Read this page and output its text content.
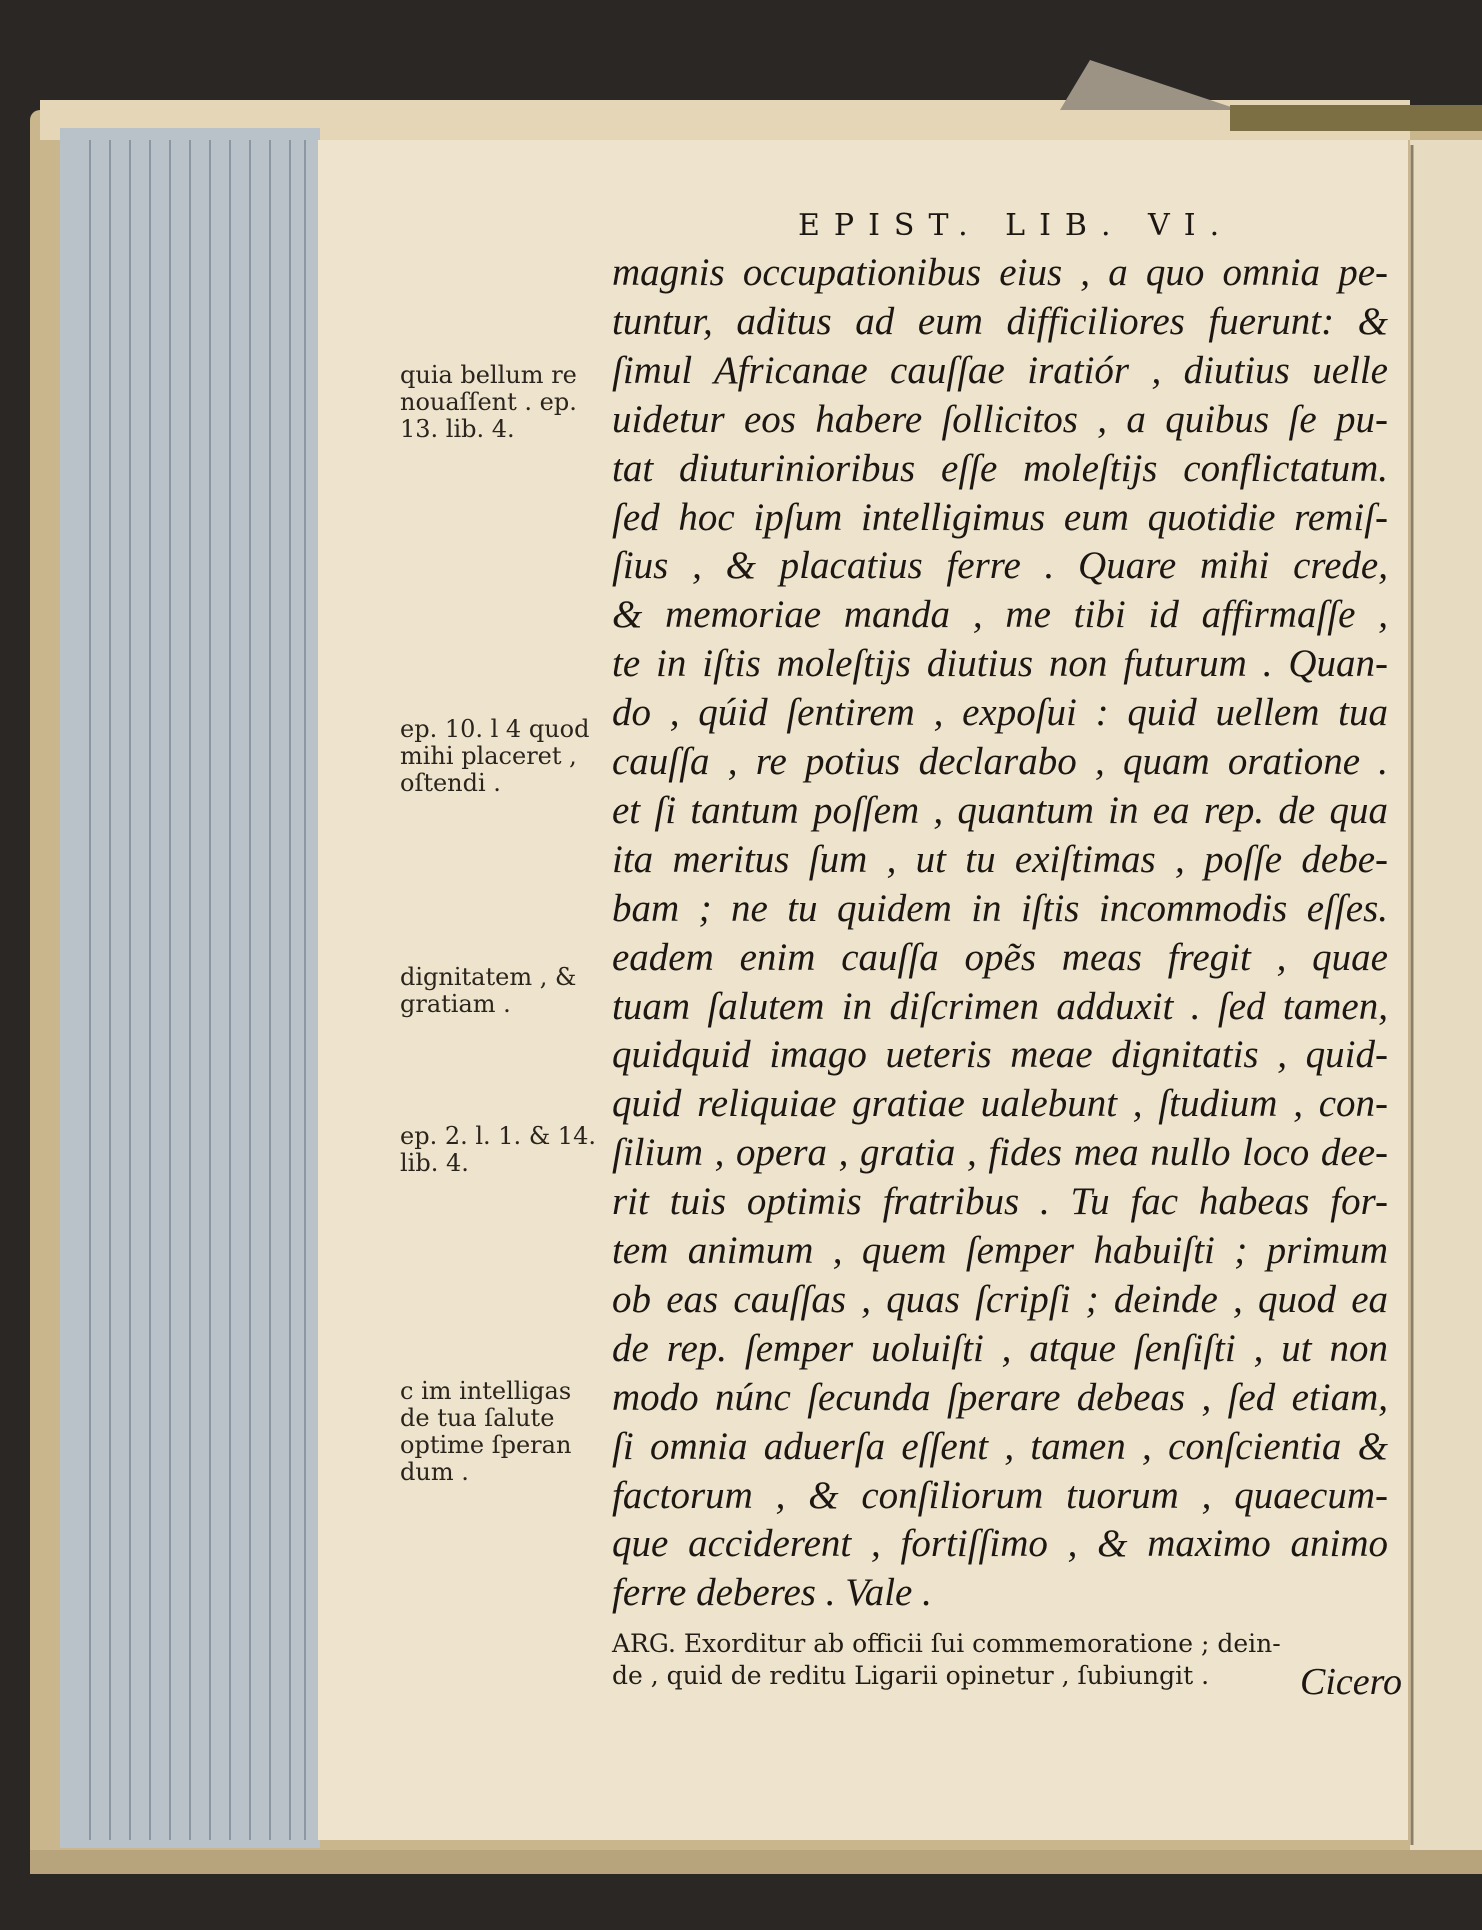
EPIST. LIB. VI.
magnis occupationibus eius , a quo omnia pe-
tuntur, aditus ad eum difficiliores fuerunt: &
ſimul Africanae cauſſae iratiór , diutius uelle
uidetur eos habere ſollicitos , a quibus ſe pu-
tat diuturinioribus eſſe moleſtijs conflictatum.
ſed hoc ipſum intelligimus eum quotidie remiſ-
ſius , & placatius ferre . Quare mihi crede,
& memoriae manda , me tibi id affirmaſſe ,
te in iſtis moleſtijs diutius non futurum . Quan-
do , qúid ſentirem , expoſui : quid uellem tua
cauſſa , re potius declarabo , quam oratione .
et ſi tantum poſſem , quantum in ea rep. de qua
ita meritus ſum , ut tu exiſtimas , poſſe debe-
bam ; ne tu quidem in iſtis incommodis eſſes.
eadem enim cauſſa opẽs meas fregit , quae
tuam ſalutem in diſcrimen adduxit . ſed tamen,
quidquid imago ueteris meae dignitatis , quid-
quid reliquiae gratiae ualebunt , ſtudium , con-
ſilium , opera , gratia , fides mea nullo loco dee-
rit tuis optimis fratribus . Tu fac habeas for-
tem animum , quem ſemper habuiſti ; primum
ob eas cauſſas , quas ſcripſi ; deinde , quod ea
de rep. ſemper uoluiſti , atque ſenſiſti , ut non
modo núnc ſecunda ſperare debeas , ſed etiam,
ſi omnia aduerſa eſſent , tamen , conſcientia &
factorum , & conſiliorum tuorum , quaecum-
que acciderent , fortiſſimo , & maximo animo
ferre deberes . Vale .
quia bellum re
nouaſſent . ep.
13. lib. 4.
ep. 10. l 4 quod
mihi placeret ,
oſtendi .
dignitatem , &
gratiam .
ep. 2. l. 1. & 14.
lib. 4.
c im intelligas
de tua ſalute
optime ſperan
dum .
ARG. Exorditur ab officii ſui commemoratione ; dein-
de , quid de reditu Ligarii opinetur , ſubiungit .	Cicero
